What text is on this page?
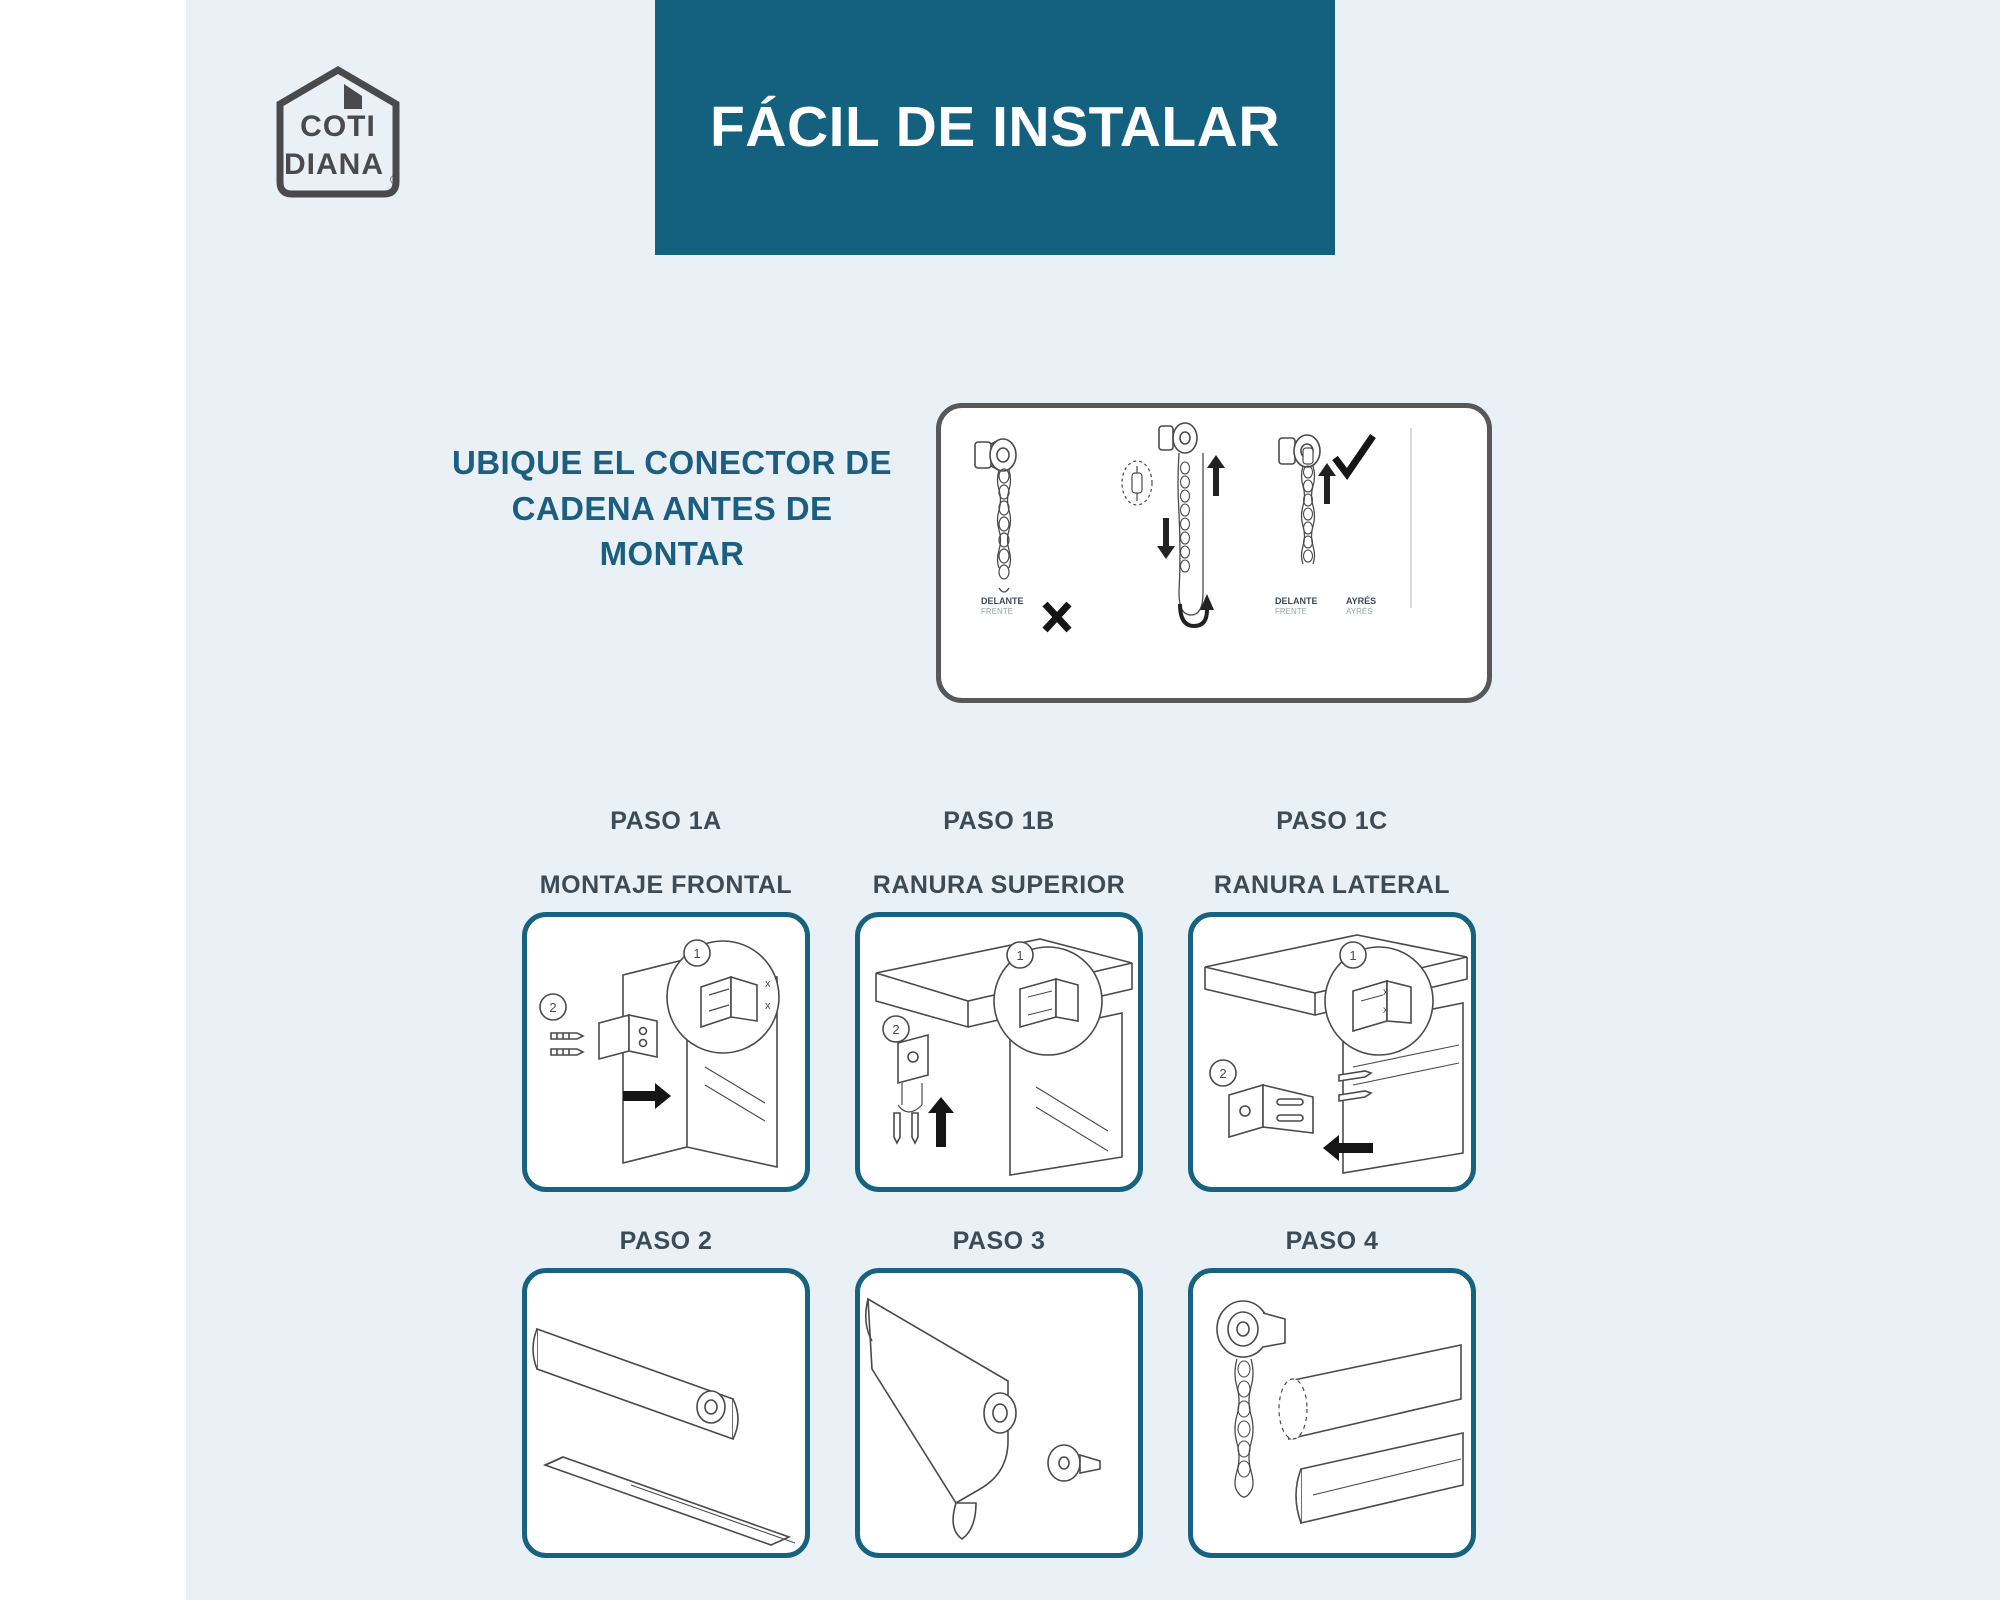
FÁCIL DE INSTALAR
COTI
DIANA ®
UBIQUE EL CONECTOR DE CADENA ANTES DE MONTAR
DELANTE
FRENTE
DELANTE
FRENTE
AYRÉS
AYRÉS

PASO 1A

MONTAJE FRONTAL

x
x
1
2

PASO 1B

RANURA SUPERIOR

1
2

PASO 1C

RANURA LATERAL

x
x
1
2

PASO 2	PASO 3	PASO 4
